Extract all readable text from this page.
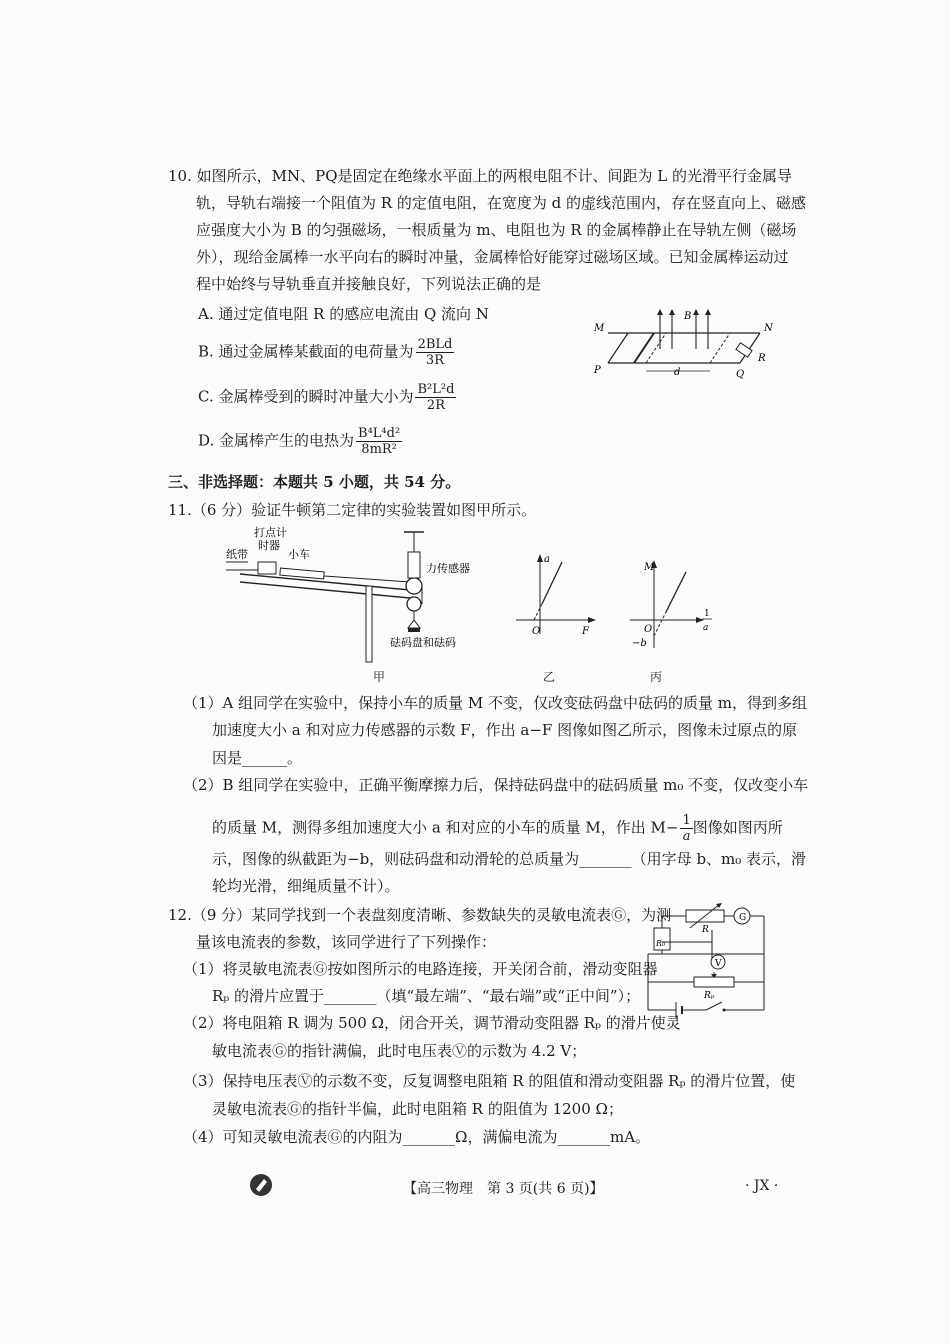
10. 如图所示，MN、PQ是固定在绝缘水平面上的两根电阻不计、间距为 L 的光滑平行金属导
轨，导轨右端接一个阻值为 R 的定值电阻，在宽度为 d 的虚线范围内，存在竖直向上、磁感
应强度大小为 B 的匀强磁场，一根质量为 m、电阻也为 R 的金属棒静止在导轨左侧（磁场
外），现给金属棒一水平向右的瞬时冲量，金属棒恰好能穿过磁场区域。已知金属棒运动过
程中始终与导轨垂直并接触良好，下列说法正确的是
A. 通过定值电阻 R 的感应电流由 Q 流向 N
B. 通过金属棒某截面的电荷量为 $\frac{\text{2BLd}}{3R}$
C. 金属棒受到的瞬时冲量大小为 $\frac{\text{B²L²d}}{2R}$
D. 金属棒产生的电热为 $\frac{\text{B⁴L⁴d²}}{\text{8mR²}}$
M	N
P	Q
B
R
d
三、非选择题：本题共 5 小题，共 54 分。
11.（6 分）验证牛顿第二定律的实验装置如图甲所示。
纸带
打点计
时器
小车
力传感器
砝码盘和砝码
甲
a
O	F
乙
M
O
−b
1
a
丙
（1）A 组同学在实验中，保持小车的质量 M 不变，仅改变砝码盘中砝码的质量 m，得到多组
加速度大小 a 和对应力传感器的示数 F，作出 a−F 图像如图乙所示，图像未过原点的原
因是______。
（2）B 组同学在实验中，正确平衡摩擦力后，保持砝码盘中的砝码质量 m₀ 不变，仅改变小车
的质量 M，测得多组加速度大小 a 和对应的小车的质量 M，作出 $M- \frac{1}{a}$ 图像如图丙所
示，图像的纵截距为−b，则砝码盘和动滑轮的总质量为_______（用字母 b、m₀ 表示，滑
轮均光滑，细绳质量不计）。
12.（9 分）某同学找到一个表盘刻度清晰、参数缺失的灵敏电流表Ⓖ，为测
量该电流表的参数，该同学进行了下列操作：
（1）将灵敏电流表Ⓖ按如图所示的电路连接，开关闭合前，滑动变阻器
Rₚ 的滑片应置于_______（填“最左端”、“最右端”或“正中间”）；
（2）将电阻箱 R 调为 500 Ω，闭合开关，调节滑动变阻器 Rₚ 的滑片使灵
敏电流表Ⓖ的指针满偏，此时电压表Ⓥ的示数为 4.2 V；
G
V
R
R₀
Rₚ
（3）保持电压表Ⓥ的示数不变，反复调整电阻箱 R 的阻值和滑动变阻器 Rₚ 的滑片位置，使
灵敏电流表Ⓖ的指针半偏，此时电阻箱 R 的阻值为 1200 Ω；
（4）可知灵敏电流表Ⓖ的内阻为_______Ω，满偏电流为_______mA。
【高三物理　第 3 页(共 6 页)】	· JX ·
